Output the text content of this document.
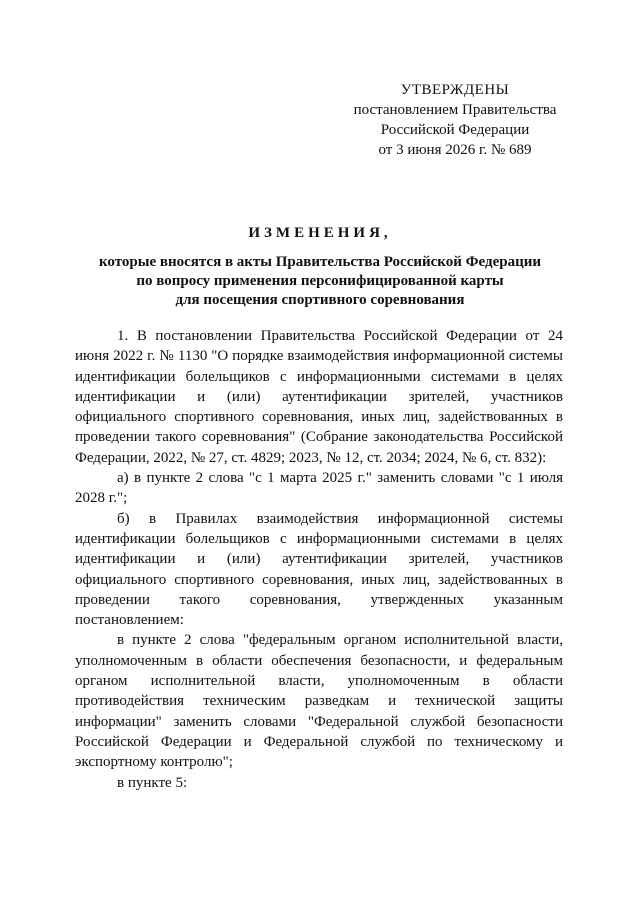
УТВЕРЖДЕНЫ
постановлением Правительства
Российской Федерации
от 3 июня 2026 г. № 689
ИЗМЕНЕНИЯ,
которые вносятся в акты Правительства Российской Федерации
по вопросу применения персонифицированной карты
для посещения спортивного соревнования

1. В постановлении Правительства Российской Федерации от 24 июня 2022 г. № 1130 "О порядке взаимодействия информационной системы идентификации болельщиков с информационными системами в целях идентификации и (или) аутентификации зрителей, участников официального спортивного соревнования, иных лиц, задействованных в проведении такого соревнования" (Собрание законодательства Российской Федерации, 2022, № 27, ст. 4829; 2023, № 12, ст. 2034; 2024, № 6, ст. 832):

а) в пункте 2 слова "с 1 марта 2025 г." заменить словами "с 1 июля 2028 г.";

б) в Правилах взаимодействия информационной системы идентификации болельщиков с информационными системами в целях идентификации и (или) аутентификации зрителей, участников официального спортивного соревнования, иных лиц, задействованных в проведении такого соревнования, утвержденных указанным постановлением:

в пункте 2 слова "федеральным органом исполнительной власти, уполномоченным в области обеспечения безопасности, и федеральным органом исполнительной власти, уполномоченным в области противодействия техническим разведкам и технической защиты информации" заменить словами "Федеральной службой безопасности Российской Федерации и Федеральной службой по техническому и экспортному контролю";

в пункте 5:
